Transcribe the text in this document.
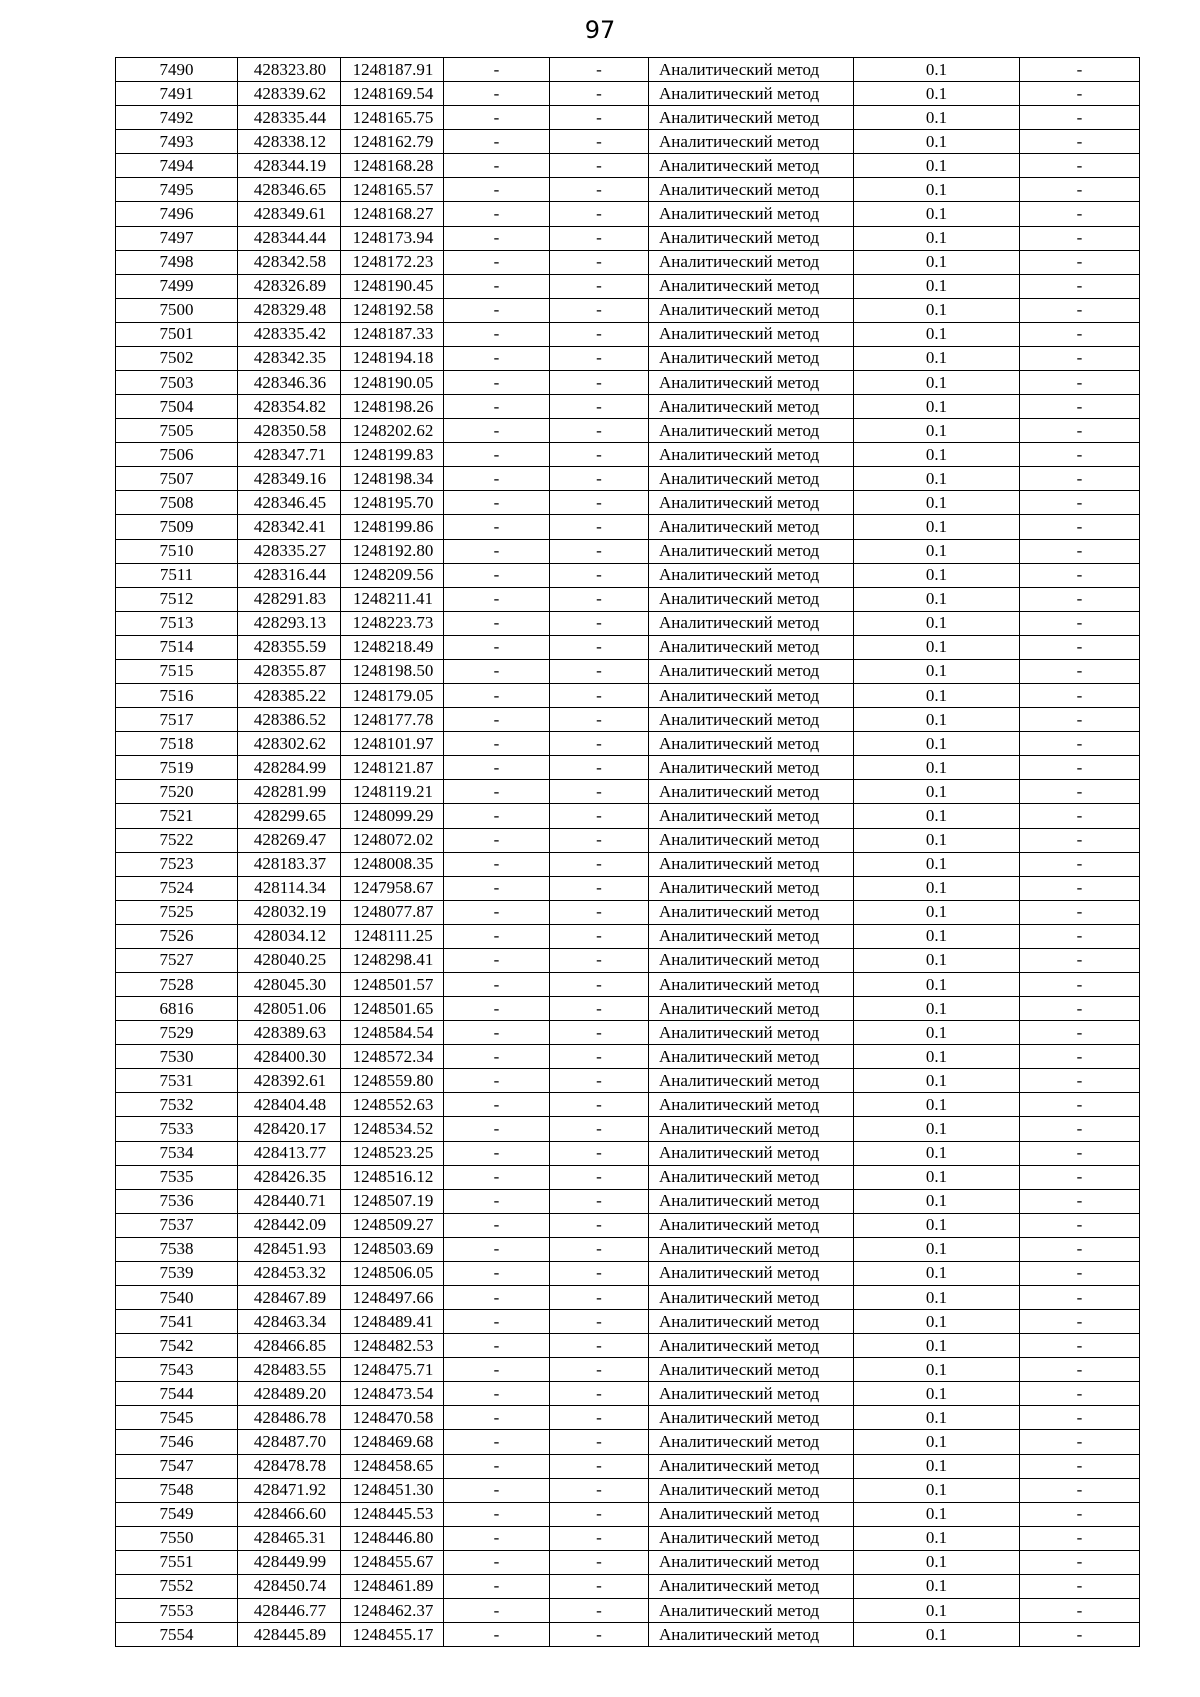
97
7490	428323.80	1248187.91	-	-	Аналитический метод	0.1	-
7491	428339.62	1248169.54	-	-	Аналитический метод	0.1	-
7492	428335.44	1248165.75	-	-	Аналитический метод	0.1	-
7493	428338.12	1248162.79	-	-	Аналитический метод	0.1	-
7494	428344.19	1248168.28	-	-	Аналитический метод	0.1	-
7495	428346.65	1248165.57	-	-	Аналитический метод	0.1	-
7496	428349.61	1248168.27	-	-	Аналитический метод	0.1	-
7497	428344.44	1248173.94	-	-	Аналитический метод	0.1	-
7498	428342.58	1248172.23	-	-	Аналитический метод	0.1	-
7499	428326.89	1248190.45	-	-	Аналитический метод	0.1	-
7500	428329.48	1248192.58	-	-	Аналитический метод	0.1	-
7501	428335.42	1248187.33	-	-	Аналитический метод	0.1	-
7502	428342.35	1248194.18	-	-	Аналитический метод	0.1	-
7503	428346.36	1248190.05	-	-	Аналитический метод	0.1	-
7504	428354.82	1248198.26	-	-	Аналитический метод	0.1	-
7505	428350.58	1248202.62	-	-	Аналитический метод	0.1	-
7506	428347.71	1248199.83	-	-	Аналитический метод	0.1	-
7507	428349.16	1248198.34	-	-	Аналитический метод	0.1	-
7508	428346.45	1248195.70	-	-	Аналитический метод	0.1	-
7509	428342.41	1248199.86	-	-	Аналитический метод	0.1	-
7510	428335.27	1248192.80	-	-	Аналитический метод	0.1	-
7511	428316.44	1248209.56	-	-	Аналитический метод	0.1	-
7512	428291.83	1248211.41	-	-	Аналитический метод	0.1	-
7513	428293.13	1248223.73	-	-	Аналитический метод	0.1	-
7514	428355.59	1248218.49	-	-	Аналитический метод	0.1	-
7515	428355.87	1248198.50	-	-	Аналитический метод	0.1	-
7516	428385.22	1248179.05	-	-	Аналитический метод	0.1	-
7517	428386.52	1248177.78	-	-	Аналитический метод	0.1	-
7518	428302.62	1248101.97	-	-	Аналитический метод	0.1	-
7519	428284.99	1248121.87	-	-	Аналитический метод	0.1	-
7520	428281.99	1248119.21	-	-	Аналитический метод	0.1	-
7521	428299.65	1248099.29	-	-	Аналитический метод	0.1	-
7522	428269.47	1248072.02	-	-	Аналитический метод	0.1	-
7523	428183.37	1248008.35	-	-	Аналитический метод	0.1	-
7524	428114.34	1247958.67	-	-	Аналитический метод	0.1	-
7525	428032.19	1248077.87	-	-	Аналитический метод	0.1	-
7526	428034.12	1248111.25	-	-	Аналитический метод	0.1	-
7527	428040.25	1248298.41	-	-	Аналитический метод	0.1	-
7528	428045.30	1248501.57	-	-	Аналитический метод	0.1	-
6816	428051.06	1248501.65	-	-	Аналитический метод	0.1	-
7529	428389.63	1248584.54	-	-	Аналитический метод	0.1	-
7530	428400.30	1248572.34	-	-	Аналитический метод	0.1	-
7531	428392.61	1248559.80	-	-	Аналитический метод	0.1	-
7532	428404.48	1248552.63	-	-	Аналитический метод	0.1	-
7533	428420.17	1248534.52	-	-	Аналитический метод	0.1	-
7534	428413.77	1248523.25	-	-	Аналитический метод	0.1	-
7535	428426.35	1248516.12	-	-	Аналитический метод	0.1	-
7536	428440.71	1248507.19	-	-	Аналитический метод	0.1	-
7537	428442.09	1248509.27	-	-	Аналитический метод	0.1	-
7538	428451.93	1248503.69	-	-	Аналитический метод	0.1	-
7539	428453.32	1248506.05	-	-	Аналитический метод	0.1	-
7540	428467.89	1248497.66	-	-	Аналитический метод	0.1	-
7541	428463.34	1248489.41	-	-	Аналитический метод	0.1	-
7542	428466.85	1248482.53	-	-	Аналитический метод	0.1	-
7543	428483.55	1248475.71	-	-	Аналитический метод	0.1	-
7544	428489.20	1248473.54	-	-	Аналитический метод	0.1	-
7545	428486.78	1248470.58	-	-	Аналитический метод	0.1	-
7546	428487.70	1248469.68	-	-	Аналитический метод	0.1	-
7547	428478.78	1248458.65	-	-	Аналитический метод	0.1	-
7548	428471.92	1248451.30	-	-	Аналитический метод	0.1	-
7549	428466.60	1248445.53	-	-	Аналитический метод	0.1	-
7550	428465.31	1248446.80	-	-	Аналитический метод	0.1	-
7551	428449.99	1248455.67	-	-	Аналитический метод	0.1	-
7552	428450.74	1248461.89	-	-	Аналитический метод	0.1	-
7553	428446.77	1248462.37	-	-	Аналитический метод	0.1	-
7554	428445.89	1248455.17	-	-	Аналитический метод	0.1	-
